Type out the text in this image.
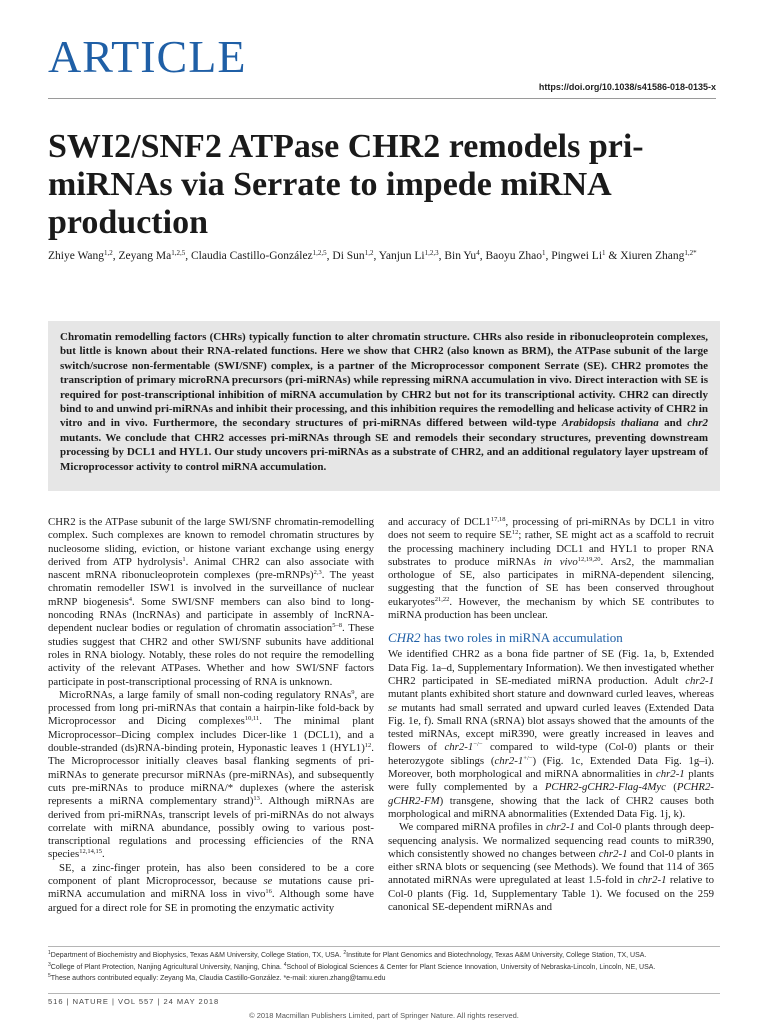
ARTICLE
https://doi.org/10.1038/s41586-018-0135-x
SWI2/SNF2 ATPase CHR2 remodels pri-miRNAs via Serrate to impede miRNA production
Zhiye Wang$^{1,2}$, Zeyang Ma$^{1,2,5}$, Claudia Castillo-González$^{1,2,5}$, Di Sun$^{1,2}$, Yanjun Li$^{1,2,3}$, Bin Yu$^4$, Baoyu Zhao$^1$, Pingwei Li$^1$ & Xiuren Zhang$^{1,2*}$
Chromatin remodelling factors (CHRs) typically function to alter chromatin structure. CHRs also reside in ribonucleoprotein complexes, but little is known about their RNA-related functions. Here we show that CHR2 (also known as BRM), the ATPase subunit of the large switch/sucrose non-fermentable (SWI/SNF) complex, is a partner of the Microprocessor component Serrate (SE). CHR2 promotes the transcription of primary microRNA precursors (pri-miRNAs) while repressing miRNA accumulation in vivo. Direct interaction with SE is required for post-transcriptional inhibition of miRNA accumulation by CHR2 but not for its transcriptional activity. CHR2 can directly bind to and unwind pri-miRNAs and inhibit their processing, and this inhibition requires the remodelling and helicase activity of CHR2 in vitro and in vivo. Furthermore, the secondary structures of pri-miRNAs differed between wild-type Arabidopsis thaliana and chr2 mutants. We conclude that CHR2 accesses pri-miRNAs through SE and remodels their secondary structures, preventing downstream processing by DCL1 and HYL1. Our study uncovers pri-miRNAs as a substrate of CHR2, and an additional regulatory layer upstream of Microprocessor activity to control miRNA accumulation.

CHR2 is the ATPase subunit of the large SWI/SNF chromatin-remodelling complex. Such complexes are known to remodel chromatin structures by nucleosome sliding, eviction, or histone variant exchange using energy derived from ATP hydrolysis$^1$. Animal CHR2 can also associate with nascent mRNA ribonucleoprotein complexes (pre-mRNPs)$^{2,3}$. The yeast chromatin remodeller ISW1 is involved in the surveillance of nuclear mRNP biogenesis$^4$. Some SWI/SNF members can also bind to long-noncoding RNAs (lncRNAs) and participate in assembly of lncRNA-dependent nuclear bodies or regulation of chromatin association$^{5-8}$. These studies suggest that CHR2 and other SWI/SNF subunits have additional roles in RNA biology. Notably, these roles do not require the remodelling activity of the relevant ATPases. Whether and how SWI/SNF factors participate in post-transcriptional processing of RNA is unknown.

MicroRNAs, a large family of small non-coding regulatory RNAs$^9$, are processed from long pri-miRNAs that contain a hairpin-like fold-back by Microprocessor and Dicing complexes$^{10,11}$. The minimal plant Microprocessor–Dicing complex includes Dicer-like 1 (DCL1), and a double-stranded (ds)RNA-binding protein, Hyponastic leaves 1 $(HYL1)^{12}$. The Microprocessor initially cleaves basal flanking segments of pri-miRNAs to generate precursor miRNAs (pre-miRNAs), and subsequently cuts pre-miRNAs to produce miRNA/* duplexes (where the asterisk represents a miRNA complementary strand)$^{13}$. Although miRNAs are derived from pri-miRNAs, transcript levels of pri-miRNAs do not always correlate with miRNA abundance, possibly owing to various post-transcriptional regulations and processing efficiencies of the RNA species$^{12,14,15}$.

SE, a zinc-finger protein, has also been considered to be a core component of plant Microprocessor, because se mutations cause pri-miRNA accumulation and miRNA loss in vivo$^{16}$. Although some have argued for a direct role for SE in promoting the enzymatic activity

and accuracy of DCL1$^{17,18}$, processing of pri-miRNAs by DCL1 in vitro does not seem to require SE$^{12}$; rather, SE might act as a scaffold to recruit the processing machinery including DCL1 and HYL1 to proper RNA substrates to produce miRNAs in vivo$^{12,19,20}$. Ars2, the mammalian orthologue of SE, also participates in miRNA-dependent silencing, suggesting that the function of SE has been conserved throughout eukaryotes$^{21,22}$. However, the mechanism by which SE contributes to miRNA production has been unclear.

CHR2 has two roles in miRNA accumulation

We identified CHR2 as a bona fide partner of SE (Fig. 1a, b, Extended Data Fig. 1a–d, Supplementary Information). We then investigated whether CHR2 participated in SE-mediated miRNA production. Adult chr2-1 mutant plants exhibited short stature and downward curled leaves, whereas se mutants had small serrated and upward curled leaves (Extended Data Fig. 1e, f). Small RNA (sRNA) blot assays showed that the amounts of the tested miRNAs, except miR390, were greatly increased in leaves and flowers of chr2-1−/− compared to wild-type (Col-0) plants or their heterozygote siblings (chr2-1+/−) (Fig. 1c, Extended Data Fig. 1g–i). Moreover, both morphological and miRNA abnormalities in chr2-1 plants were fully complemented by a PCHR2-gCHR2-Flag-4Myc (PCHR2-gCHR2-FM) transgene, showing that the lack of CHR2 causes both morphological and miRNA abnormalities (Extended Data Fig. 1j, k).

We compared miRNA profiles in chr2-1 and Col-0 plants through deep-sequencing analysis. We normalized sequencing read counts to miR390, which consistently showed no changes between chr2-1 and Col-0 plants in either sRNA blots or sequencing (see Methods). We found that 114 of 365 annotated miRNAs were upregulated at least 1.5-fold in chr2-1 relative to Col-0 plants (Fig. 1d, Supplementary Table 1). We focused on the 259 canonical SE-dependent miRNAs and

$^1$Department of Biochemistry and Biophysics, Texas A&M University, College Station, TX, USA. $^2$Institute for Plant Genomics and Biotechnology, Texas A&M University, College Station, TX, USA.
$^3$College of Plant Protection, Nanjing Agricultural University, Nanjing, China. $^4$School of Biological Sciences & Center for Plant Science Innovation, University of Nebraska-Lincoln, Lincoln, NE, USA.
$^5$These authors contributed equally: Zeyang Ma, Claudia Castillo-González. *e-mail: xiuren.zhang@tamu.edu
516 | NATURE | VOL 557 | 24 MAY 2018
© 2018 Macmillan Publishers Limited, part of Springer Nature. All rights reserved.
